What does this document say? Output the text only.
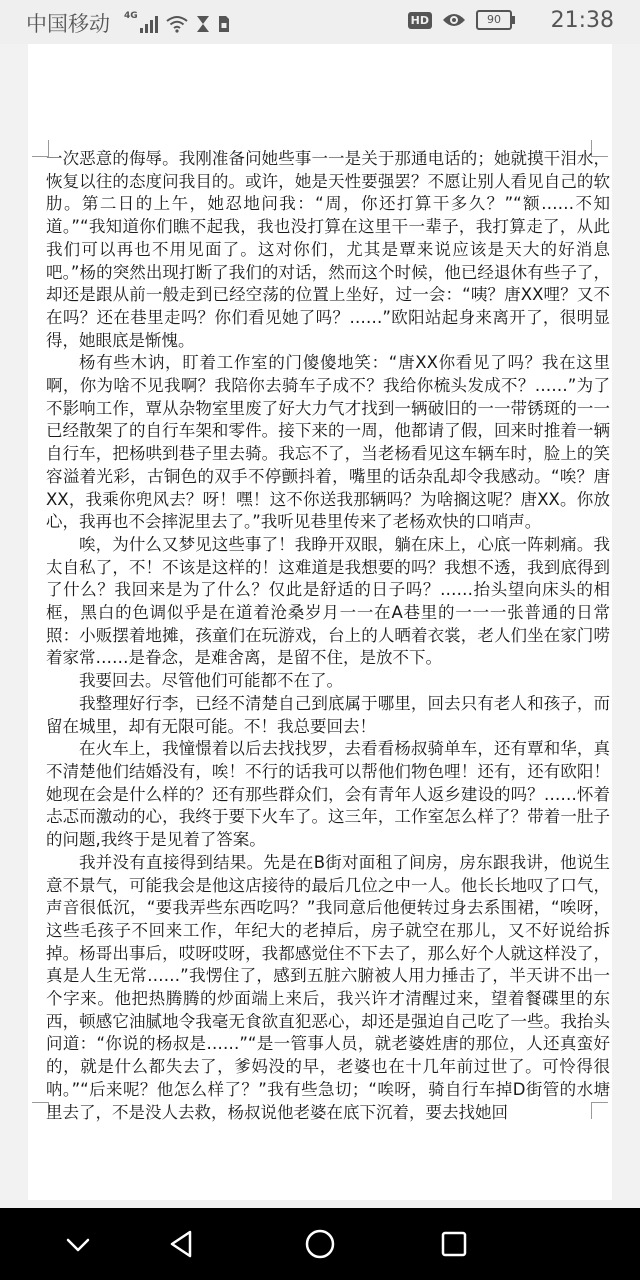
中国移动 4G	HD	90	21:38

一次恶意的侮辱。我刚准备问她些事一一是关于那通电话的；她就摸干泪水，恢复以往的态度问我目的。或许，她是天性要强罢？不愿让别人看见自己的软肋。第二日的上午，她忍地问我：“周，你还打算干多久？”“额……不知道。”“我知道你们瞧不起我，我也没打算在这里干一辈子，我打算走了，从此我们可以再也不用见面了。这对你们，尤其是覃来说应该是天大的好消息吧。”杨的突然出现打断了我们的对话，然而这个时候，他已经退休有些子了，却还是跟从前一般走到已经空荡的位置上坐好，过一会：“咦？唐XX哩？又不在吗？还在巷里走吗？你们看见她了吗？……”欧阳站起身来离开了，很明显得，她眼底是惭愧。

杨有些木讷，盯着工作室的门傻傻地笑：“唐XX你看见了吗？我在这里啊，你为啥不见我啊？我陪你去骑车子成不？我给你梳头发成不？……”为了不影响工作，覃从杂物室里废了好大力气才找到一辆破旧的一一带锈斑的一一已经散架了的自行车架和零件。接下来的一周，他都请了假，回来时推着一辆自行车，把杨哄到巷子里去骑。我忘不了，当老杨看见这车辆车时，脸上的笑容溢着光彩，古铜色的双手不停颤抖着，嘴里的话杂乱却令我感动。“唉？唐XX，我乘你兜风去？呀！嘿！这不你送我那辆吗？为啥搁这呢？唐XX。你放心，我再也不会摔泥里去了。”我听见巷里传来了老杨欢快的口哨声。

唉，为什么又梦见这些事了！我睁开双眼，躺在床上，心底一阵刺痛。我太自私了，不！不该是这样的！这难道是我想要的吗？我想不透，我到底得到了什么？我回来是为了什么？仅此是舒适的日子吗？……抬头望向床头的相框，黑白的色调似乎是在道着沧桑岁月一一在A巷里的一一一张普通的日常照：小贩摆着地摊，孩童们在玩游戏，台上的人晒着衣裳，老人们坐在家门唠着家常……是眷念，是难舍离，是留不住，是放不下。

我要回去。尽管他们可能都不在了。

我整理好行李，已经不清楚自己到底属于哪里，回去只有老人和孩子，而留在城里，却有无限可能。不！我总要回去！

在火车上，我憧憬着以后去找找罗，去看看杨叔骑单车，还有覃和华，真不清楚他们结婚没有，唉！不行的话我可以帮他们物色哩！还有，还有欧阳！她现在会是什么样的？还有那些群众们，会有青年人返乡建设的吗？……怀着忐忑而激动的心，我终于要下火车了。这三年，工作室怎么样了？带着一肚子的问题,我终于是见着了答案。

我并没有直接得到结果。先是在B街对面租了间房，房东跟我讲，他说生意不景气，可能我会是他这店接待的最后几位之中一人。他长长地叹了口气，声音很低沉，“要我弄些东西吃吗？”我同意后他便转过身去系围裙，“唉呀，这些毛孩子不回来工作，年纪大的老掉后，房子就空在那儿，又不好说给拆掉。杨哥出事后，哎呀哎呀，我都感觉住不下去了，那么好个人就这样没了，真是人生无常……”我愣住了，感到五脏六腑被人用力捶击了，半天讲不出一个字来。他把热腾腾的炒面端上来后，我兴许才清醒过来，望着餐碟里的东西，顿感它油腻地令我毫无食欲直犯恶心，却还是强迫自己吃了一些。我抬头问道：“你说的杨叔是……”“是一管事人员，就老婆姓唐的那位，人还真蛮好的，就是什么都失去了，爹妈没的早，老婆也在十几年前过世了。可怜得很呐。”“后来呢？他怎么样了？”我有些急切；“唉呀，骑自行车掉D街管的水塘里去了，不是没人去救，杨叔说他老婆在底下沉着，要去找她回
